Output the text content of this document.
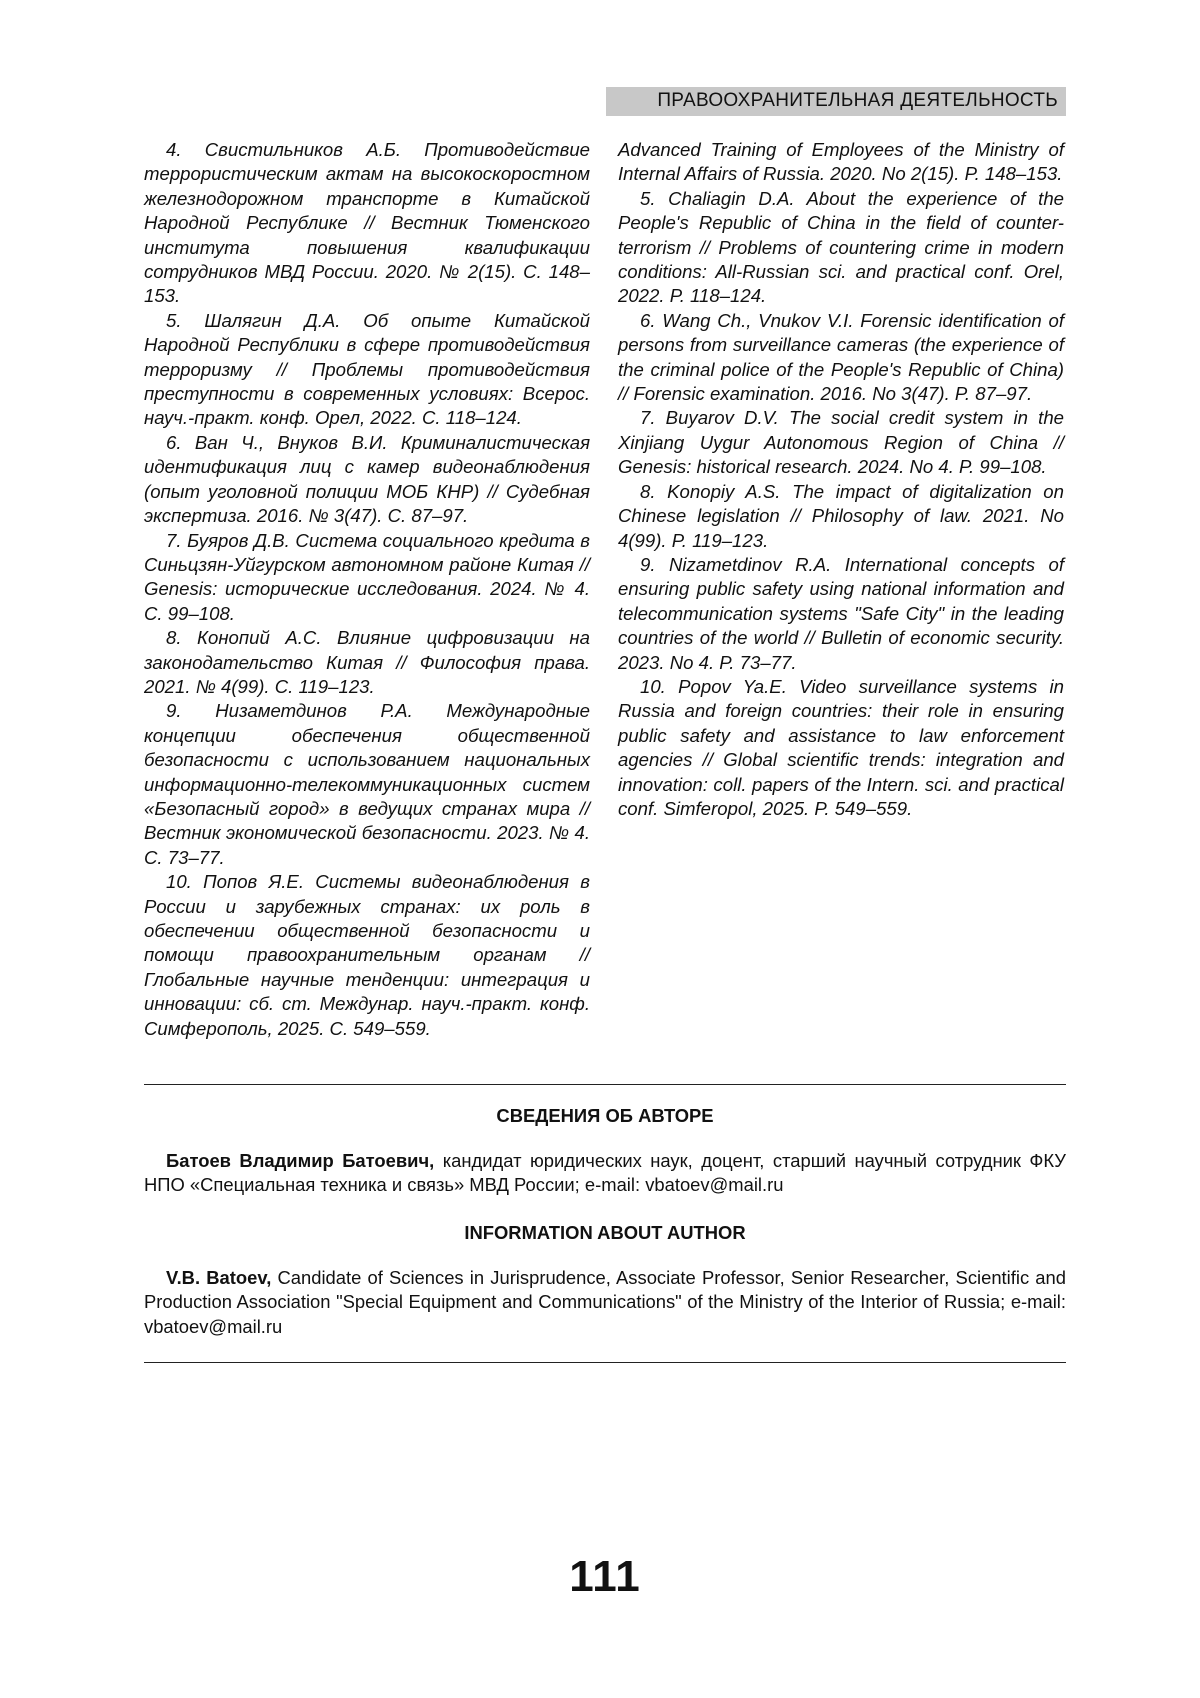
ПРАВООХРАНИТЕЛЬНАЯ ДЕЯТЕЛЬНОСТЬ

4. Свистильников А.Б. Противодействие террористическим актам на высокоскоростном железнодорожном транспорте в Китайской Народной Республике // Вестник Тюменского института повышения квалификации сотрудников МВД России. 2020. № 2(15). С. 148–153.

5. Шалягин Д.А. Об опыте Китайской Народной Республики в сфере противодействия терроризму // Проблемы противодействия преступности в современных условиях: Всерос. науч.-практ. конф. Орел, 2022. С. 118–124.

6. Ван Ч., Внуков В.И. Криминалистическая идентификация лиц с камер видеонаблюдения (опыт уголовной полиции МОБ КНР) // Судебная экспертиза. 2016. № 3(47). С. 87–97.

7. Буяров Д.В. Система социального кредита в Синьцзян-Уйгурском автономном районе Китая // Genesis: исторические исследования. 2024. № 4. С. 99–108.

8. Конопий А.С. Влияние цифровизации на законодательство Китая // Философия права. 2021. № 4(99). С. 119–123.

9. Низаметдинов Р.А. Международные концепции обеспечения общественной безопасности с использованием национальных информационно-телекоммуникационных систем «Безопасный город» в ведущих странах мира // Вестник экономической безопасности. 2023. № 4. С. 73–77.

10. Попов Я.Е. Системы видеонаблюдения в России и зарубежных странах: их роль в обеспечении общественной безопасности и помощи правоохранительным органам // Глобальные научные тенденции: интеграция и инновации: сб. ст. Междунар. науч.-практ. конф. Симферополь, 2025. С. 549–559.

Advanced Training of Employees of the Ministry of Internal Affairs of Russia. 2020. No 2(15). P. 148–153.

5. Chaliagin D.A. About the experience of the People's Republic of China in the field of counter-terrorism // Problems of countering crime in modern conditions: All-Russian sci. and practical conf. Orel, 2022. P. 118–124.

6. Wang Ch., Vnukov V.I. Forensic identification of persons from surveillance cameras (the experience of the criminal police of the People's Republic of China) // Forensic examination. 2016. No 3(47). P. 87–97.

7. Buyarov D.V. The social credit system in the Xinjiang Uygur Autonomous Region of China // Genesis: historical research. 2024. No 4. P. 99–108.

8. Konopiy A.S. The impact of digitalization on Chinese legislation // Philosophy of law. 2021. No 4(99). P. 119–123.

9. Nizametdinov R.A. International concepts of ensuring public safety using national information and telecommunication systems "Safe City" in the leading countries of the world // Bulletin of economic security. 2023. No 4. P. 73–77.

10. Popov Ya.E. Video surveillance systems in Russia and foreign countries: their role in ensuring public safety and assistance to law enforcement agencies // Global scientific trends: integration and innovation: coll. papers of the Intern. sci. and practical conf. Simferopol, 2025. P. 549–559.

СВЕДЕНИЯ ОБ АВТОРЕ
Батоев Владимир Батоевич, кандидат юридических наук, доцент, старший научный сотрудник ФКУ НПО «Специальная техника и связь» МВД России; e-mail: vbatoev@mail.ru
INFORMATION ABOUT AUTHOR
V.B. Batoev, Candidate of Sciences in Jurisprudence, Associate Professor, Senior Researcher, Scientific and Production Association "Special Equipment and Communications" of the Ministry of the Interior of Russia; e-mail: vbatoev@mail.ru
111
